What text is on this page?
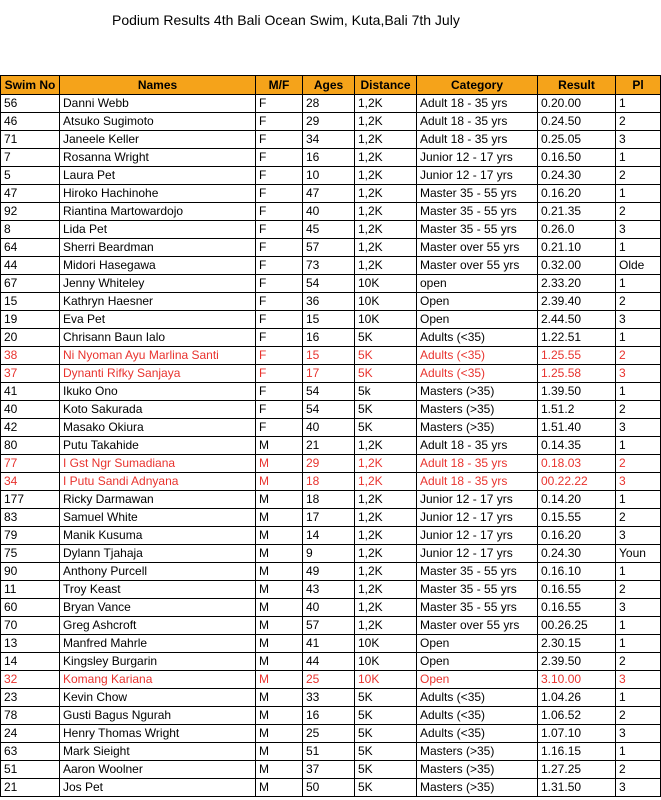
Podium Results 4th Bali Ocean Swim, Kuta,Bali 7th July
Swim No	Names	M/F	Ages	Distance	Category	Result	Pl
56	Danni Webb	F	28	1,2K	Adult 18 - 35 yrs	0.20.00	1
46	Atsuko Sugimoto	F	29	1,2K	Adult 18 - 35 yrs	0.24.50	2
71	Janeele Keller	F	34	1,2K	Adult 18 - 35 yrs	0.25.05	3
7	Rosanna Wright	F	16	1,2K	Junior 12 - 17 yrs	0.16.50	1
5	Laura Pet	F	10	1,2K	Junior 12 - 17 yrs	0.24.30	2
47	Hiroko Hachinohe	F	47	1,2K	Master 35 - 55 yrs	0.16.20	1
92	Riantina Martowardojo	F	40	1,2K	Master 35 - 55 yrs	0.21.35	2
8	Lida Pet	F	45	1,2K	Master 35 - 55 yrs	0.26.0	3
64	Sherri Beardman	F	57	1,2K	Master over 55 yrs	0.21.10	1
44	Midori Hasegawa	F	73	1,2K	Master over 55 yrs	0.32.00	Olde
67	Jenny Whiteley	F	54	10K	open	2.33.20	1
15	Kathryn Haesner	F	36	10K	Open	2.39.40	2
19	Eva Pet	F	15	10K	Open	2.44.50	3
20	Chrisann Baun Ialo	F	16	5K	Adults (<35)	1.22.51	1
38	Ni Nyoman Ayu Marlina Santi	F	15	5K	Adults (<35)	1.25.55	2
37	Dynanti Rifky Sanjaya	F	17	5K	Adults (<35)	1.25.58	3
41	Ikuko Ono	F	54	5k	Masters (>35)	1.39.50	1
40	Koto Sakurada	F	54	5K	Masters (>35)	1.51.2	2
42	Masako Okiura	F	40	5K	Masters (>35)	1.51.40	3
80	Putu Takahide	M	21	1,2K	Adult 18 - 35 yrs	0.14.35	1
77	I Gst Ngr Sumadiana	M	29	1,2K	Adult 18 - 35 yrs	0.18.03	2
34	I Putu Sandi Adnyana	M	18	1,2K	Adult 18 - 35 yrs	00.22.22	3
177	Ricky Darmawan	M	18	1,2K	Junior 12 - 17 yrs	0.14.20	1
83	Samuel White	M	17	1,2K	Junior 12 - 17 yrs	0.15.55	2
79	Manik Kusuma	M	14	1,2K	Junior 12 - 17 yrs	0.16.20	3
75	Dylann Tjahaja	M	9	1,2K	Junior 12 - 17 yrs	0.24.30	Youn
90	Anthony Purcell	M	49	1,2K	Master 35 - 55 yrs	0.16.10	1
11	Troy Keast	M	43	1,2K	Master 35 - 55 yrs	0.16.55	2
60	Bryan Vance	M	40	1,2K	Master 35 - 55 yrs	0.16.55	3
70	Greg Ashcroft	M	57	1,2K	Master over 55 yrs	00.26.25	1
13	Manfred Mahrle	M	41	10K	Open	2.30.15	1
14	Kingsley Burgarin	M	44	10K	Open	2.39.50	2
32	Komang Kariana	M	25	10K	Open	3.10.00	3
23	Kevin Chow	M	33	5K	Adults (<35)	1.04.26	1
78	Gusti Bagus Ngurah	M	16	5K	Adults (<35)	1.06.52	2
24	Henry Thomas Wright	M	25	5K	Adults (<35)	1.07.10	3
63	Mark Sieight	M	51	5K	Masters (>35)	1.16.15	1
51	Aaron Woolner	M	37	5K	Masters (>35)	1.27.25	2
21	Jos Pet	M	50	5K	Masters (>35)	1.31.50	3
